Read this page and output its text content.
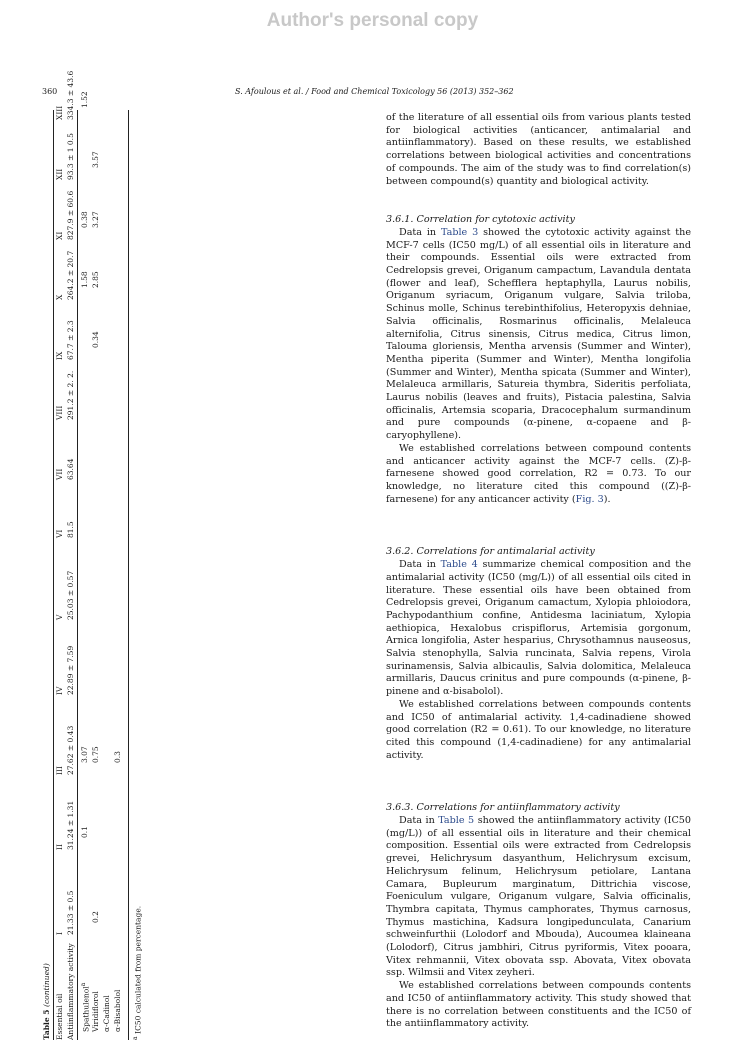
Author's personal copy
360	S. Afoulous et al. / Food and Chemical Toxicology 56 (2013) 352–362
Table 5 (continued)
Essential oil
I
II
III
IV
V
VI
VII
VIII
IX
X
XI
XII
XIII
Antiinflammatory activity
21.33 ± 0.5
31.24 ± 1.31
27.62 ± 0.43
22.89 ± 7.59
25.03 ± 0.57
81.5
63.64
291.2 ± 2. 2.
67.7 ± 2.3
264.2 ± 20.7
827.9 ± 60.6
93.3 ± 1 0.5
334.3 ± 43.6
Spathulenol$^a$
0.1
3.07
1.58
0.38
1.52
Viridiflorol
0.2
0.75
0.34
2.85
3.27
3.57
α-Cadinol α-Bisabolol
0.3
$^a$ IC50 calculated from percentage.

of the literature of all essential oils from various plants tested for biological activities (anticancer, antimalarial and antiinflammatory). Based on these results, we established correlations between biological activities and concentrations of compounds. The aim of the study was to find correlation(s) between compound(s) quantity and biological activity.

3.6.1. Correlation for cytotoxic activity

Data in Table 3 showed the cytotoxic activity against the MCF-7 cells (IC50 mg/L) of all essential oils in literature and their compounds. Essential oils were extracted from Cedrelopsis grevei, Origanum campactum, Lavandula dentata (flower and leaf), Schefflera heptaphylla, Laurus nobilis, Origanum syriacum, Origanum vulgare, Salvia triloba, Schinus molle, Schinus terebinthifolius, Heteropyxis dehniae, Salvia officinalis, Rosmarinus officinalis, Melaleuca alternifolia, Citrus sinensis, Citrus medica, Citrus limon, Talouma gloriensis, Mentha arvensis (Summer and Winter), Mentha piperita (Summer and Winter), Mentha longifolia (Summer and Winter), Mentha spicata (Summer and Winter), Melaleuca armillaris, Satureia thymbra, Sideritis perfoliata, Laurus nobilis (leaves and fruits), Pistacia palestina, Salvia officinalis, Artemsia scoparia, Dracocephalum surmandinum and pure compounds (α-pinene, α-copaene and β-caryophyllene).

We established correlations between compound contents and anticancer activity against the MCF-7 cells. (Z)-β-farnesene showed good correlation, R2 = 0.73. To our knowledge, no literature cited this compound ((Z)-β-farnesene) for any anticancer activity (Fig. 3).

3.6.2. Correlations for antimalarial activity

Data in Table 4 summarize chemical composition and the antimalarial activity (IC50 (mg/L)) of all essential oils cited in literature. These essential oils have been obtained from Cedrelopsis grevei, Origanum camactum, Xylopia phloiodora, Pachypodanthium confine, Antidesma laciniatum, Xylopia aethiopica, Hexalobus crispiflorus, Artemisia gorgonum, Arnica longifolia, Aster hesparius, Chrysothamnus nauseosus, Salvia stenophylla, Salvia runcinata, Salvia repens, Virola surinamensis, Salvia albicaulis, Salvia dolomitica, Melaleuca armillaris, Daucus crinitus and pure compounds (α-pinene, β-pinene and α-bisabolol).

We established correlations between compounds contents and IC50 of antimalarial activity. 1,4-cadinadiene showed good correlation (R2 = 0.61). To our knowledge, no literature cited this compound (1,4-cadinadiene) for any antimalarial activity.

3.6.3. Correlations for antiinflammatory activity

Data in Table 5 showed the antiinflammatory activity (IC50 (mg/L)) of all essential oils in literature and their chemical composition. Essential oils were extracted from Cedrelopsis grevei, Helichrysum dasyanthum, Helichrysum excisum, Helichrysum felinum, Helichrysum petiolare, Lantana Camara, Bupleurum marginatum, Dittrichia viscose, Foeniculum vulgare, Origanum vulgare, Salvia officinalis, Thymbra capitata, Thymus camphorates, Thymus carnosus, Thymus mastichina, Kadsura longipedunculata, Canarium schweinfurthii (Lolodorf and Mbouda), Aucoumea klaineana (Lolodorf), Citrus jambhiri, Citrus pyriformis, Vitex pooara, Vitex rehmannii, Vitex obovata ssp. Abovata, Vitex obovata ssp. Wilmsii and Vitex zeyheri.

We established correlations between compounds contents and IC50 of antiinflammatory activity. This study showed that there is no correlation between constituents and the IC50 of the antiinflammatory activity.
